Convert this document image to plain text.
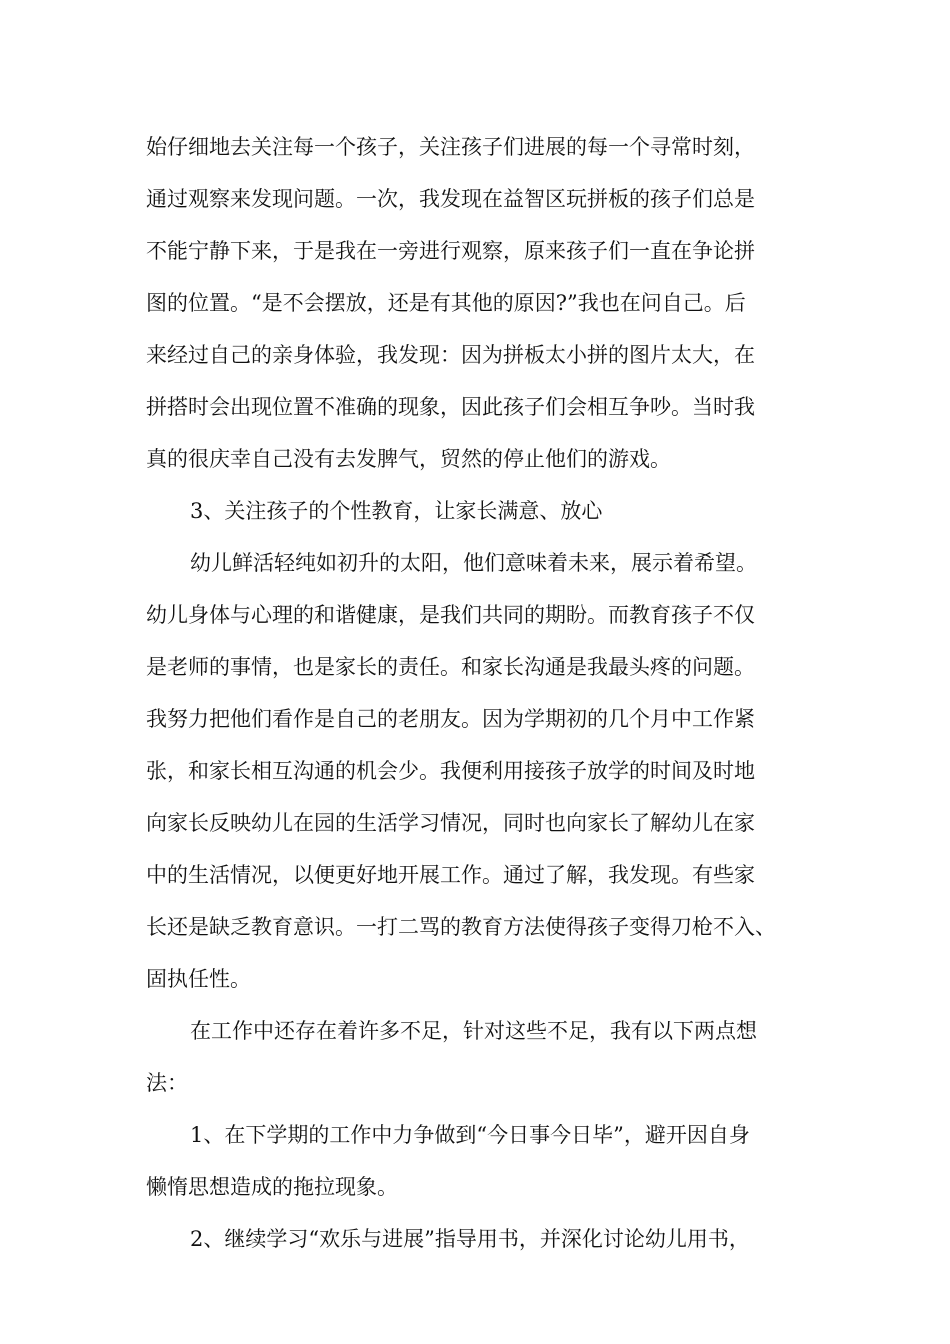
始仔细地去关注每一个孩子，关注孩子们进展的每一个寻常时刻，
通过观察来发现问题。一次，我发现在益智区玩拼板的孩子们总是
不能宁静下来，于是我在一旁进行观察，原来孩子们一直在争论拼
图的位置。“是不会摆放，还是有其他的原因?”我也在问自己。后
来经过自己的亲身体验，我发现：因为拼板太小拼的图片太大，在
拼搭时会出现位置不准确的现象，因此孩子们会相互争吵。当时我
真的很庆幸自己没有去发脾气，贸然的停止他们的游戏。
3、关注孩子的个性教育，让家长满意、放心
幼儿鲜活轻纯如初升的太阳，他们意味着未来，展示着希望。
幼儿身体与心理的和谐健康，是我们共同的期盼。而教育孩子不仅
是老师的事情，也是家长的责任。和家长沟通是我最头疼的问题。
我努力把他们看作是自己的老朋友。因为学期初的几个月中工作紧
张，和家长相互沟通的机会少。我便利用接孩子放学的时间及时地
向家长反映幼儿在园的生活学习情况，同时也向家长了解幼儿在家
中的生活情况，以便更好地开展工作。通过了解，我发现。有些家
长还是缺乏教育意识。一打二骂的教育方法使得孩子变得刀枪不入、
固执任性。
在工作中还存在着许多不足，针对这些不足，我有以下两点想
法：
1、在下学期的工作中力争做到“今日事今日毕”，避开因自身
懒惰思想造成的拖拉现象。
2、继续学习“欢乐与进展”指导用书，并深化讨论幼儿用书，
